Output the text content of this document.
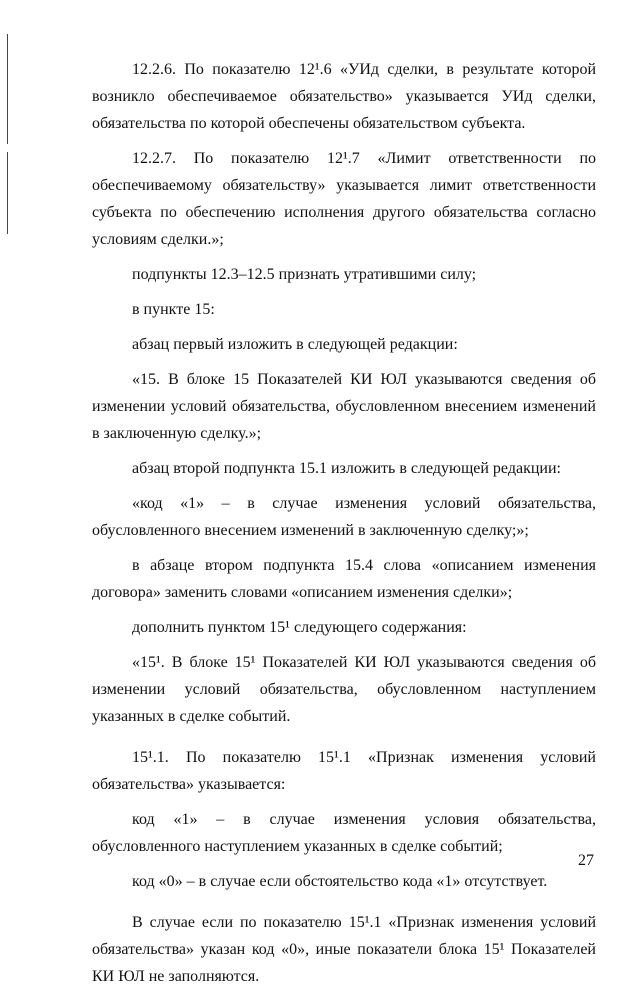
12.2.6. По показателю 12¹.6 «УИд сделки, в результате которой возникло обеспечиваемое обязательство» указывается УИд сделки, обязательства по которой обеспечены обязательством субъекта.

12.2.7. По показателю 12¹.7 «Лимит ответственности по обеспечиваемому обязательству» указывается лимит ответственности субъекта по обеспечению исполнения другого обязательства согласно условиям сделки.»;

подпункты 12.3–12.5 признать утратившими силу;

в пункте 15:

абзац первый изложить в следующей редакции:

«15. В блоке 15 Показателей КИ ЮЛ указываются сведения об изменении условий обязательства, обусловленном внесением изменений в заключенную сделку.»;

абзац второй подпункта 15.1 изложить в следующей редакции:

«код «1» – в случае изменения условий обязательства, обусловленного внесением изменений в заключенную сделку;»;

в абзаце втором подпункта 15.4 слова «описанием изменения договора» заменить словами «описанием изменения сделки»;

дополнить пунктом 15¹ следующего содержания:

«15¹. В блоке 15¹ Показателей КИ ЮЛ указываются сведения об изменении условий обязательства, обусловленном наступлением указанных в сделке событий.

15¹.1. По показателю 15¹.1 «Признак изменения условий обязательства» указывается:

код «1» – в случае изменения условия обязательства, обусловленного наступлением указанных в сделке событий;

код «0» – в случае если обстоятельство кода «1» отсутствует.

В случае если по показателю 15¹.1 «Признак изменения условий обязательства» указан код «0», иные показатели блока 15¹ Показателей КИ ЮЛ не заполняются.

27
